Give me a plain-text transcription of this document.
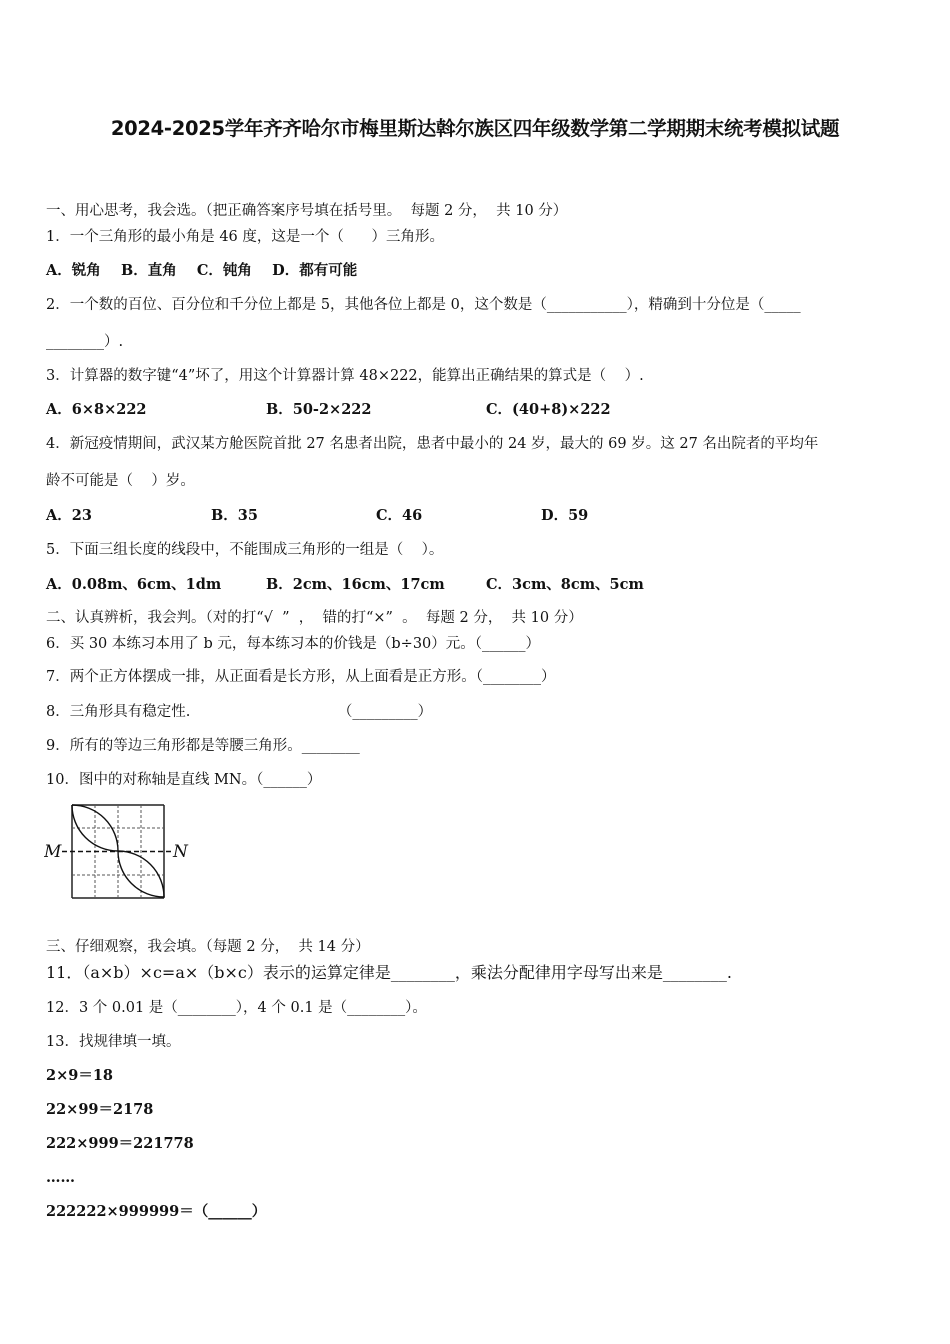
2024-2025学年齐齐哈尔市梅里斯达斡尔族区四年级数学第二学期期末统考模拟试题
一、用心思考，我会选。（把正确答案序号填在括号里。  每题 2 分，  共 10 分）
1．一个三角形的最小角是 46 度，这是一个（      ）三角形。
A．锐角    B．直角    C．钝角    D．都有可能
2．一个数的百位、百分位和千分位上都是 5，其他各位上都是 0，这个数是（___________），精确到十分位是（_____
________）.
3．计算器的数字键“4”坏了，用这个计算器计算 48×222，能算出正确结果的算式是（    ）.
A．6×8×222	B．50-2×222	C．(40+8)×222
4．新冠疫情期间，武汉某方舱医院首批 27 名患者出院，患者中最小的 24 岁，最大的 69 岁。这 27 名出院者的平均年
龄不可能是（    ）岁。
A．23	B．35	C．46	D．59
5．下面三组长度的线段中，不能围成三角形的一组是（    ）。
A．0.08m、6cm、1dm	B．2cm、16cm、17cm	C．3cm、8cm、5cm
二、认真辨析，我会判。（对的打“√  ”  ，  错的打“×”  。  每题 2 分，  共 10 分）
6．买 30 本练习本用了 b 元，每本练习本的价钱是（b÷30）元。（______）
7．两个正方体摆成一排，从正面看是长方形，从上面看是正方形。（________）
8．三角形具有稳定性.                                （_________）
9．所有的等边三角形都是等腰三角形。________
10．图中的对称轴是直线 MN。（______）
M	N
三、仔细观察，我会填。（每题 2 分，  共 14 分）
11．（a×b）×c=a×（b×c）表示的运算定律是________，乘法分配律用字母写出来是________.
12．3 个 0.01 是（________），4 个 0.1 是（________）。
13．找规律填一填。
2×9＝18
22×99＝2178
222×999＝221778
……
222222×999999＝（______）
